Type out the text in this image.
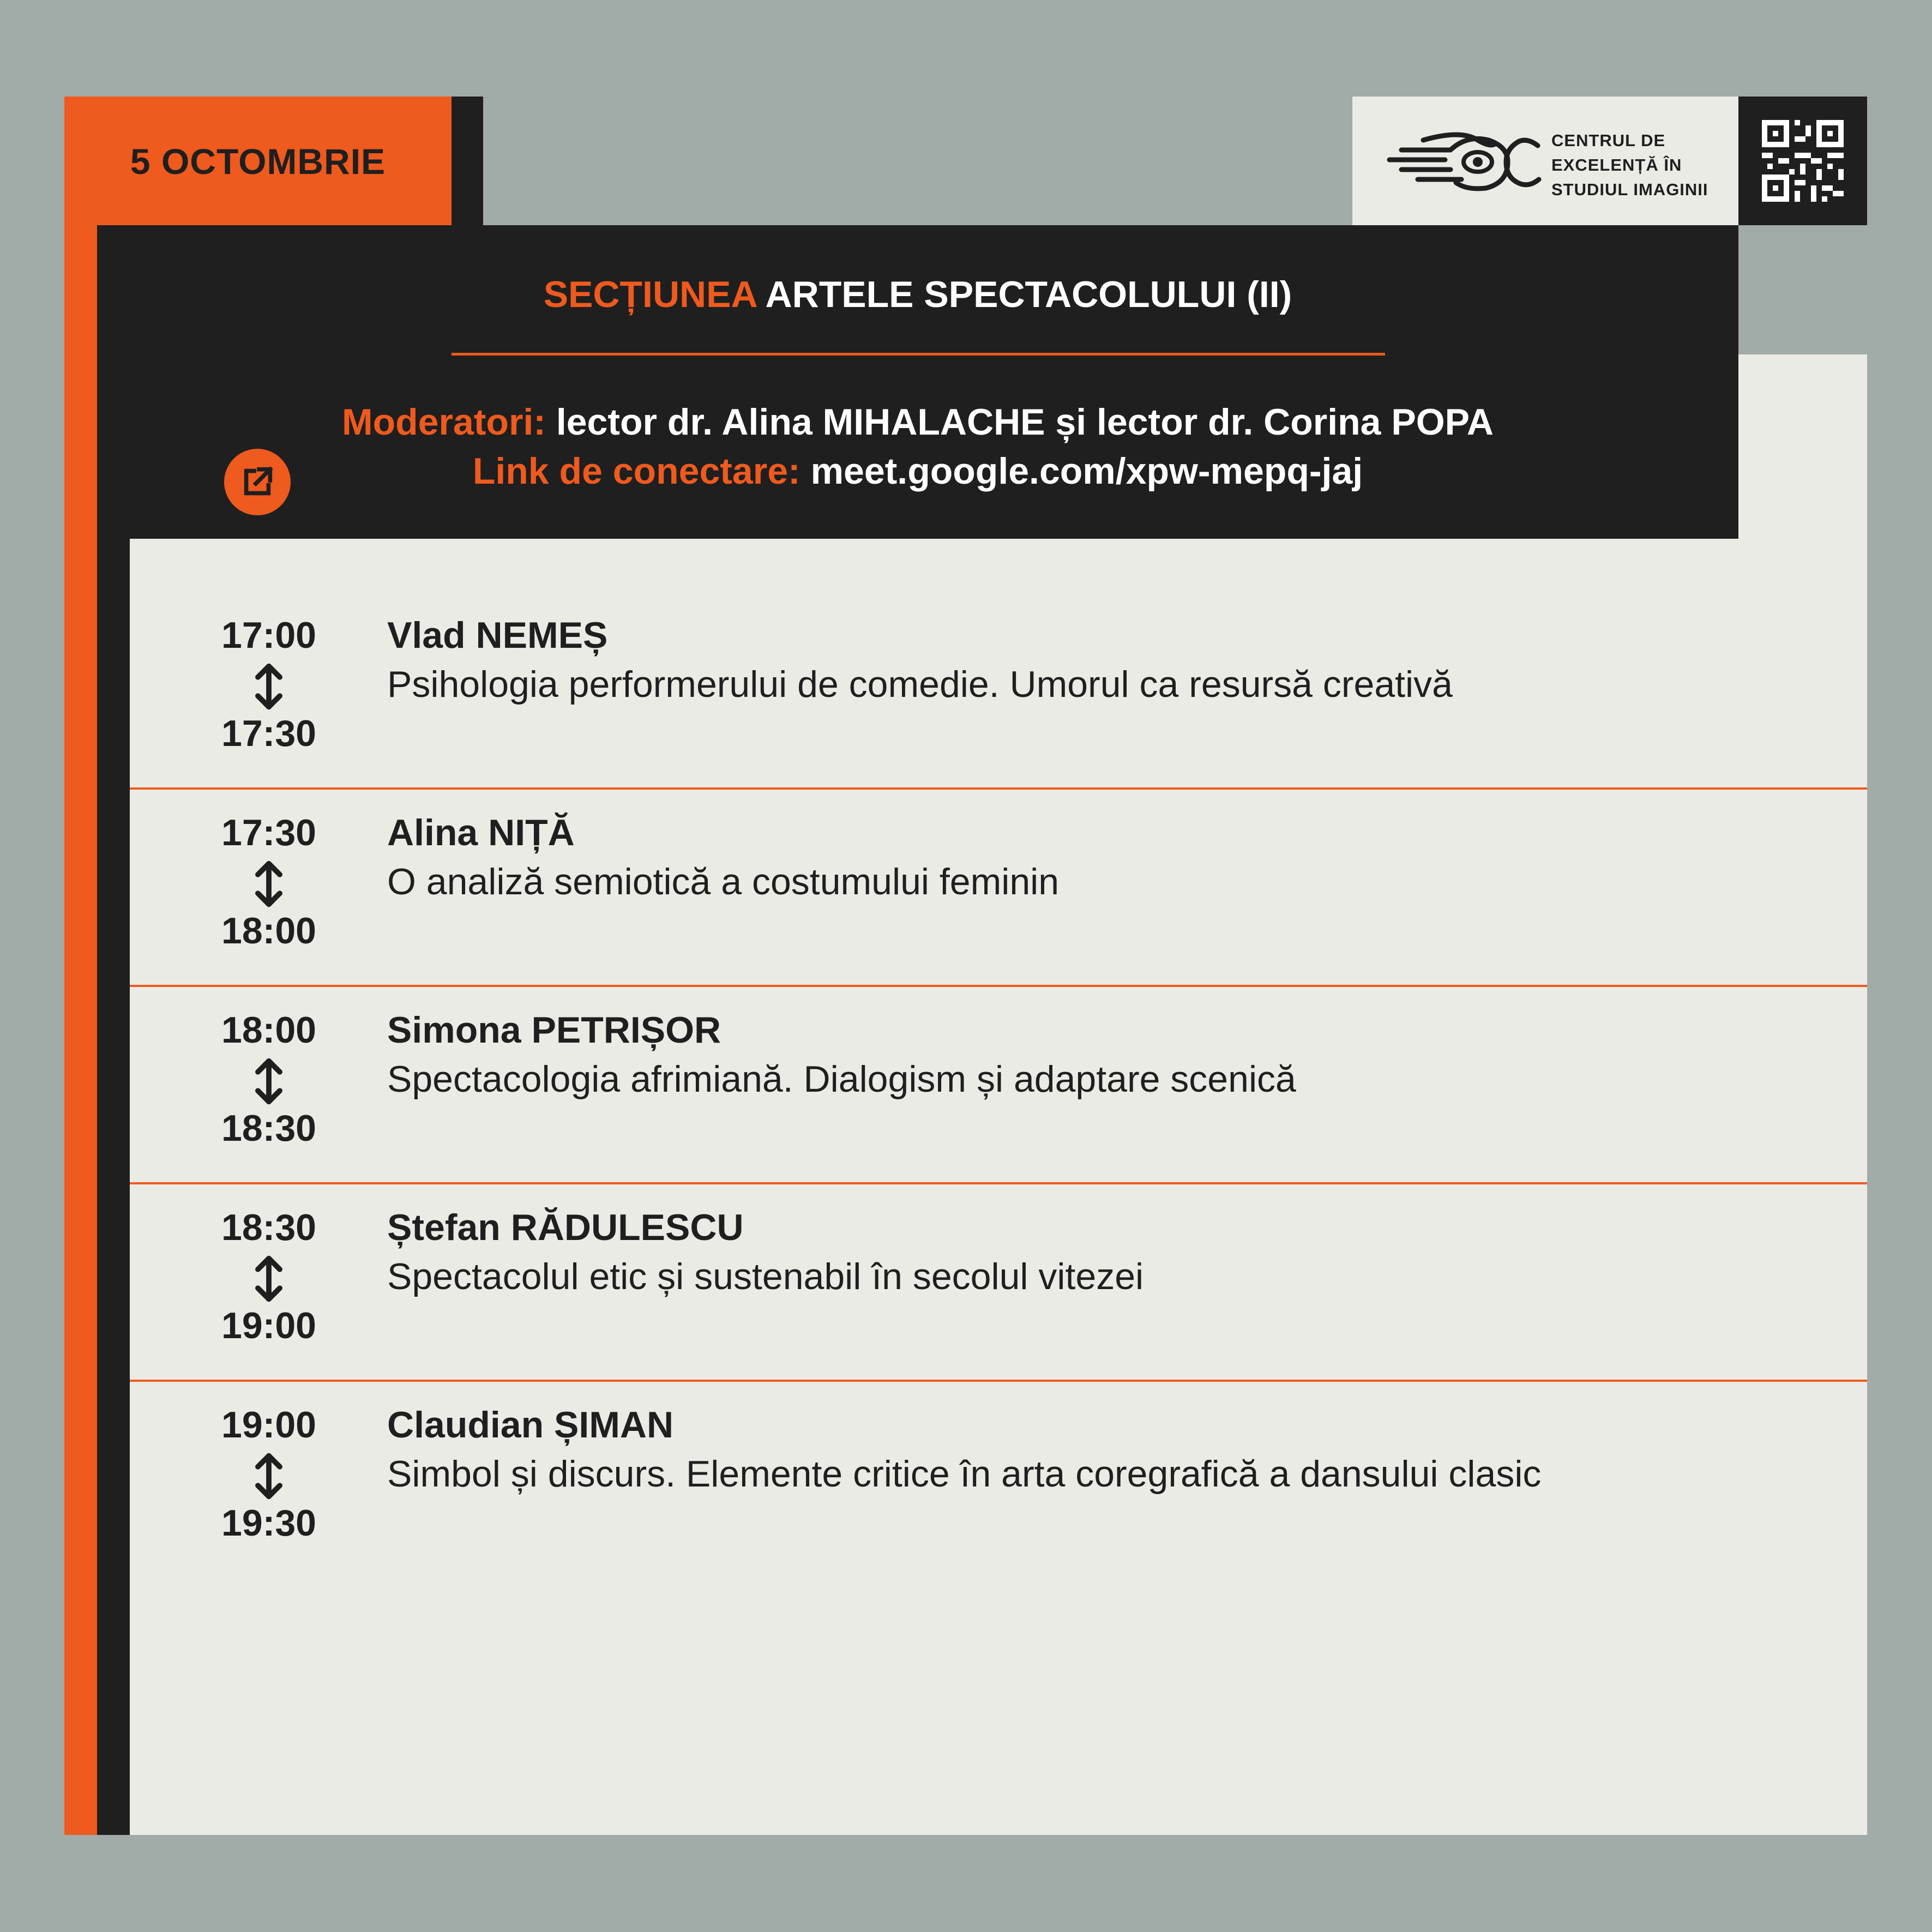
5 OCTOMBRIE
CENTRUL DE
EXCELENȚĂ ÎN
STUDIUL IMAGINII
SECȚIUNEA ARTELE SPECTACOLULUI (II)
Moderatori: lector dr. Alina MIHALACHE și lector dr. Corina POPA
Link de conectare: meet.google.com/xpw-mepq-jaj
17:00
17:30
Vlad NEMEȘ
Psihologia performerului de comedie. Umorul ca resursă creativă
17:30
18:00
Alina NIȚĂ
O analiză semiotică a costumului feminin
18:00
18:30
Simona PETRIȘOR
Spectacologia afrimiană. Dialogism și adaptare scenică
18:30
19:00
Ștefan RĂDULESCU
Spectacolul etic și sustenabil în secolul vitezei
19:00
19:30
Claudian ȘIMAN
Simbol și discurs. Elemente critice în arta coregrafică a dansului clasic
